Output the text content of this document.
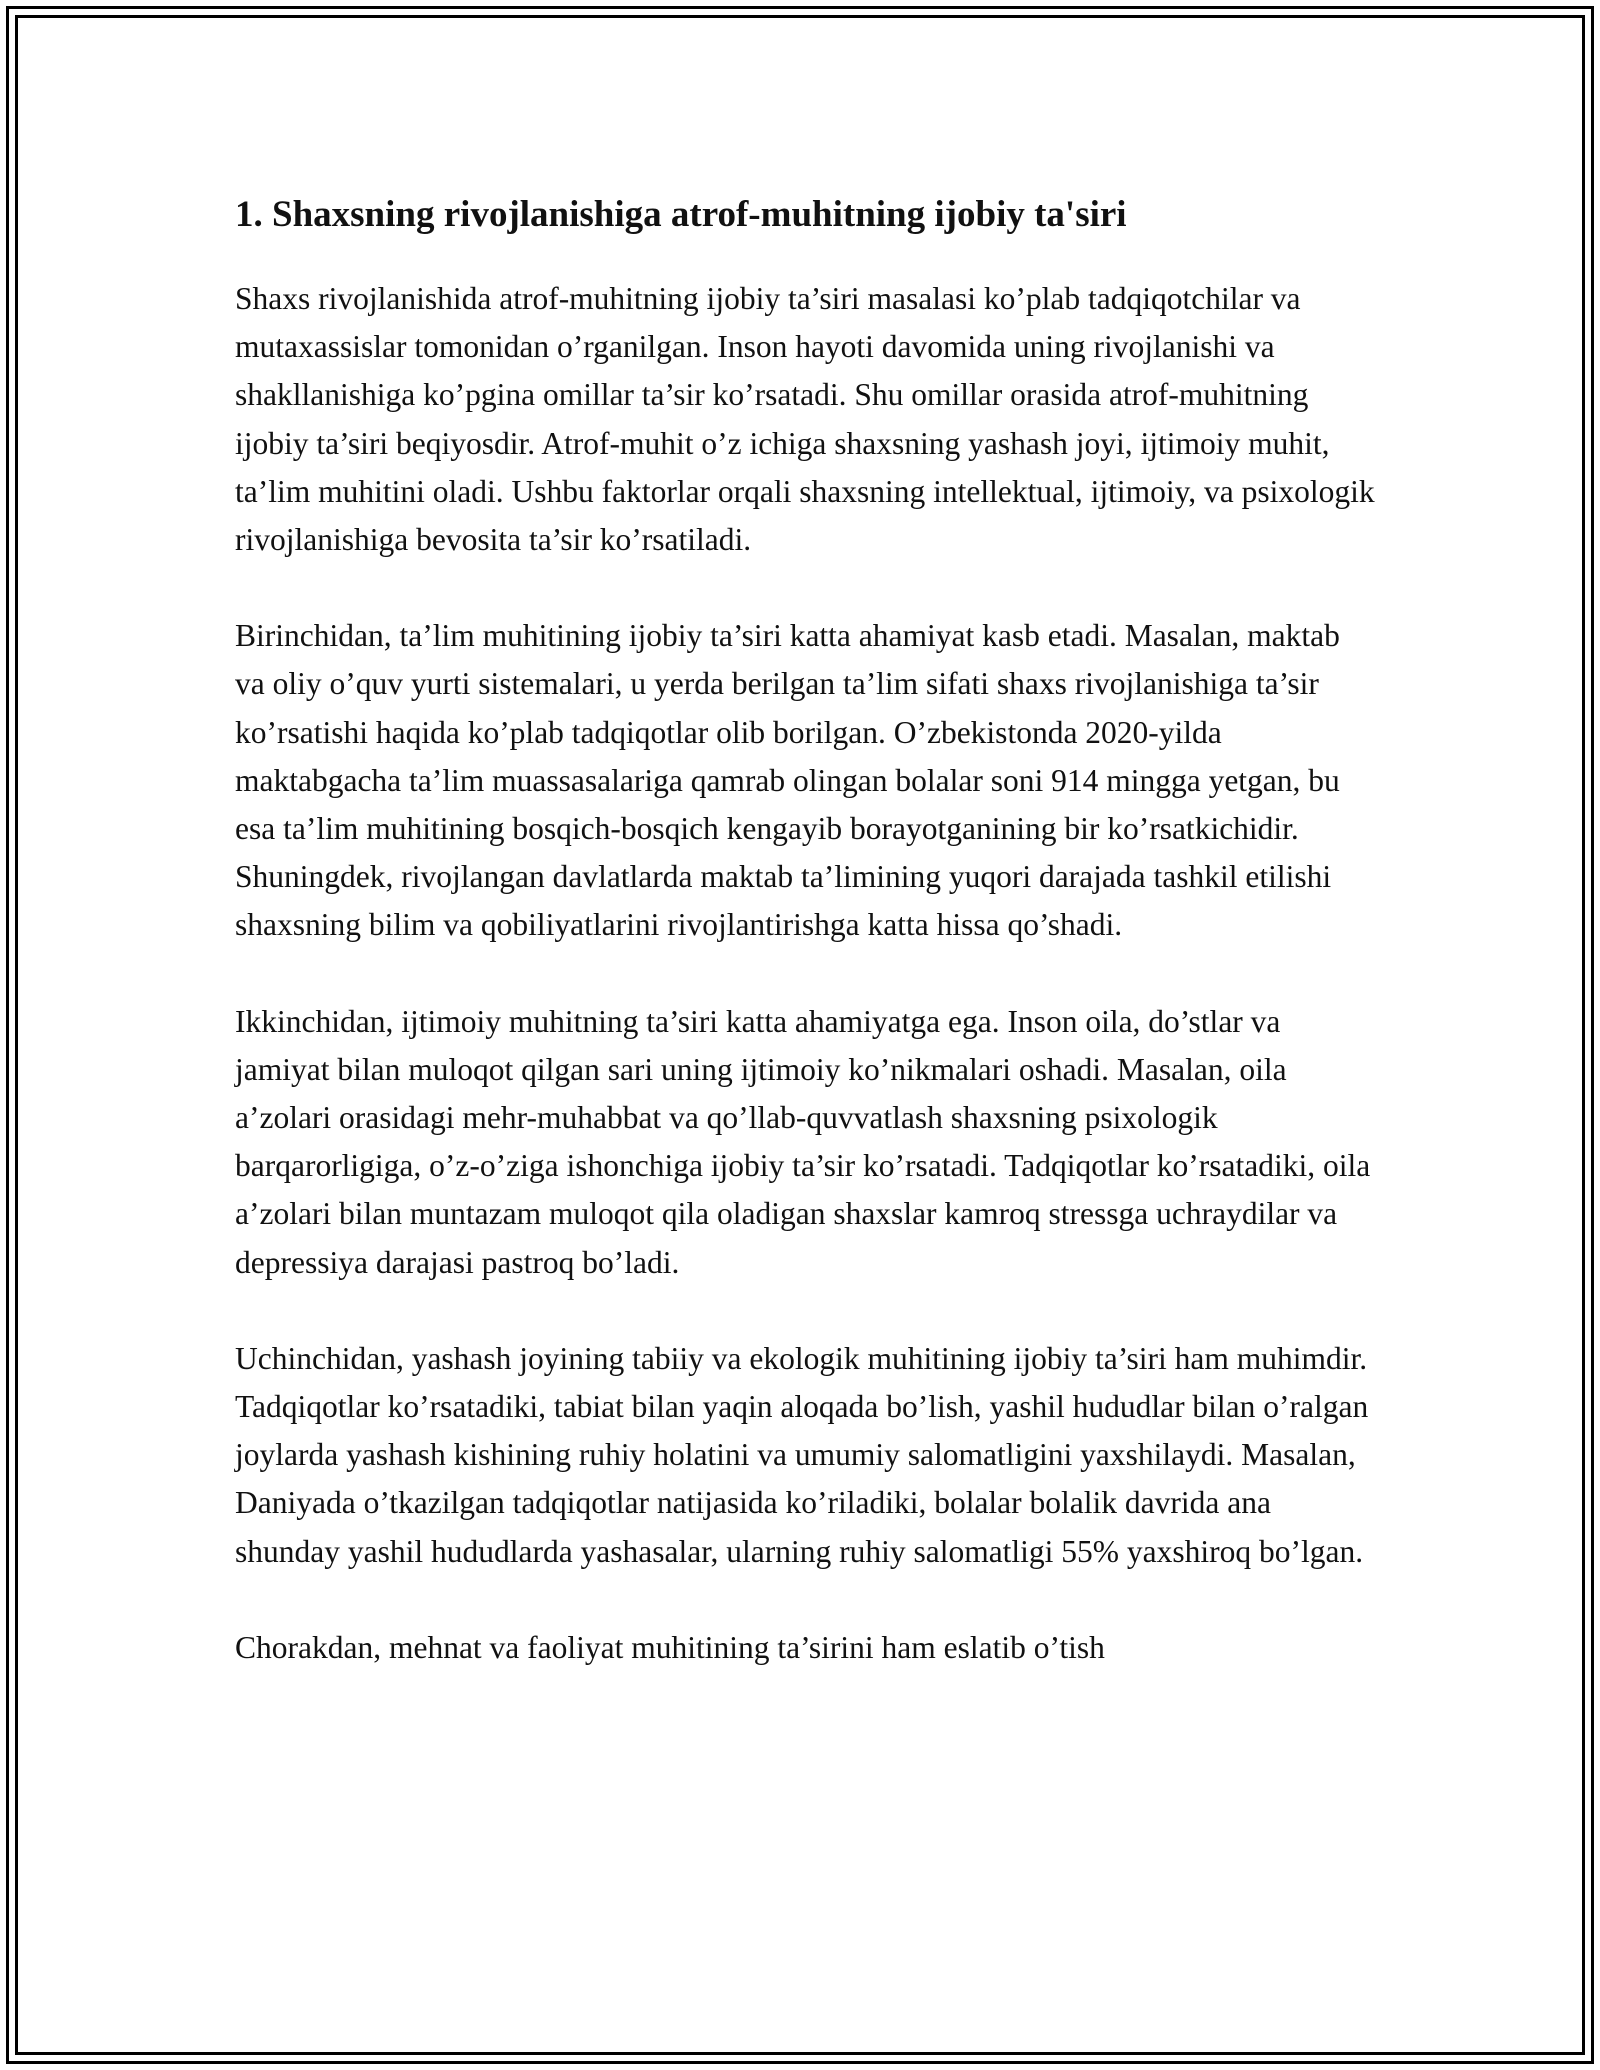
1. Shaxsning rivojlanishiga atrof-muhitning ijobiy ta'siri

Shaxs rivojlanishida atrof-muhitning ijobiy ta’siri masalasi ko’plab tadqiqotchilar va mutaxassislar tomonidan o’rganilgan. Inson hayoti davomida uning rivojlanishi va shakllanishiga ko’pgina omillar ta’sir ko’rsatadi. Shu omillar orasida atrof-muhitning ijobiy ta’siri beqiyosdir. Atrof-muhit o’z ichiga shaxsning yashash joyi, ijtimoiy muhit, ta’lim muhitini oladi. Ushbu faktorlar orqali shaxsning intellektual, ijtimoiy, va psixologik rivojlanishiga bevosita ta’sir ko’rsatiladi.

Birinchidan, ta’lim muhitining ijobiy ta’siri katta ahamiyat kasb etadi. Masalan, maktab va oliy o’quv yurti sistemalari, u yerda berilgan ta’lim sifati shaxs rivojlanishiga ta’sir ko’rsatishi haqida ko’plab tadqiqotlar olib borilgan. O’zbekistonda 2020-yilda maktabgacha ta’lim muassasalariga qamrab olingan bolalar soni 914 mingga yetgan, bu esa ta’lim muhitining bosqich-bosqich kengayib borayotganining bir ko’rsatkichidir. Shuningdek, rivojlangan davlatlarda maktab ta’limining yuqori darajada tashkil etilishi shaxsning bilim va qobiliyatlarini rivojlantirishga katta hissa qo’shadi.

Ikkinchidan, ijtimoiy muhitning ta’siri katta ahamiyatga ega. Inson oila, do’stlar va jamiyat bilan muloqot qilgan sari uning ijtimoiy ko’nikmalari oshadi. Masalan, oila a’zolari orasidagi mehr-muhabbat va qo’llab-quvvatlash shaxsning psixologik barqarorligiga, o’z-o’ziga ishonchiga ijobiy ta’sir ko’rsatadi. Tadqiqotlar ko’rsatadiki, oila a’zolari bilan muntazam muloqot qila oladigan shaxslar kamroq stressga uchraydilar va depressiya darajasi pastroq bo’ladi.

Uchinchidan, yashash joyining tabiiy va ekologik muhitining ijobiy ta’siri ham muhimdir. Tadqiqotlar ko’rsatadiki, tabiat bilan yaqin aloqada bo’lish, yashil hududlar bilan o’ralgan joylarda yashash kishining ruhiy holatini va umumiy salomatligini yaxshilaydi. Masalan, Daniyada o’tkazilgan tadqiqotlar natijasida ko’riladiki, bolalar bolalik davrida ana shunday yashil hududlarda yashasalar, ularning ruhiy salomatligi 55% yaxshiroq bo’lgan.

Chorakdan, mehnat va faoliyat muhitining ta’sirini ham eslatib o’tish
